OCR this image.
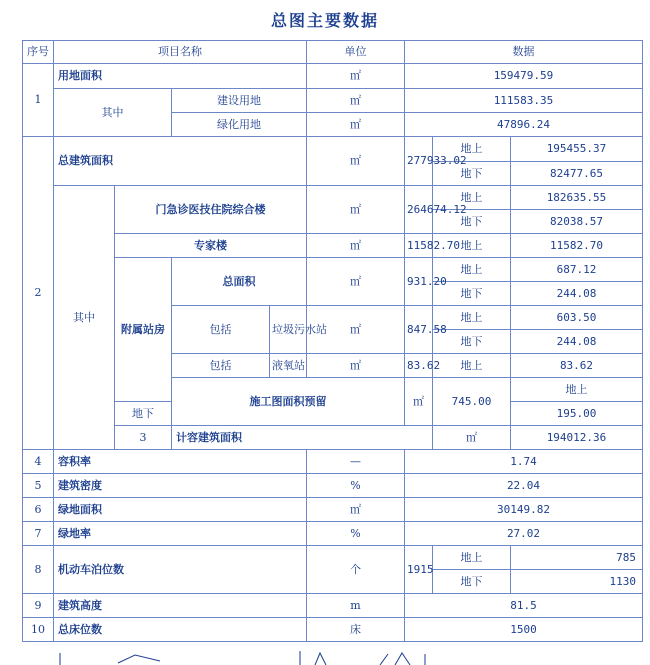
总图主要数据
序号	项目名称				单位	数据	
1	用地面积				㎡	159479.59	
	其中		建设用地		㎡	111583.35			
			绿化用地		㎡	47896.24			
2	总建筑面积				㎡	277933.02	地上	195455.37	
							地下	82477.65	
	其中	门急诊医技住院综合楼			㎡	264674.12	地上	182635.55	
							地下	82038.57	
		专家楼			㎡	11582.70	地上	11582.70	
		附属站房	总面积		㎡	931.20	地上	687.12	
							地下	244.08	
			包括	垃圾污水站	㎡	847.58	地上	603.50	
							地下	244.08	
			包括	液氧站	㎡	83.62	地上	83.62	
			施工图面积预留			㎡	745.00	地上		
		地下						195.00	
		3	计容建筑面积				㎡	194012.36	
4	容积率				—	1.74			
5	建筑密度				%	22.04			
6	绿地面积				㎡	30149.82	
7	绿地率				%	27.02	
8	机动车泊位数				个	1915	地上	785	
							地下	1130	
9	建筑高度				m	81.5			
10	总床位数				床	1500			
